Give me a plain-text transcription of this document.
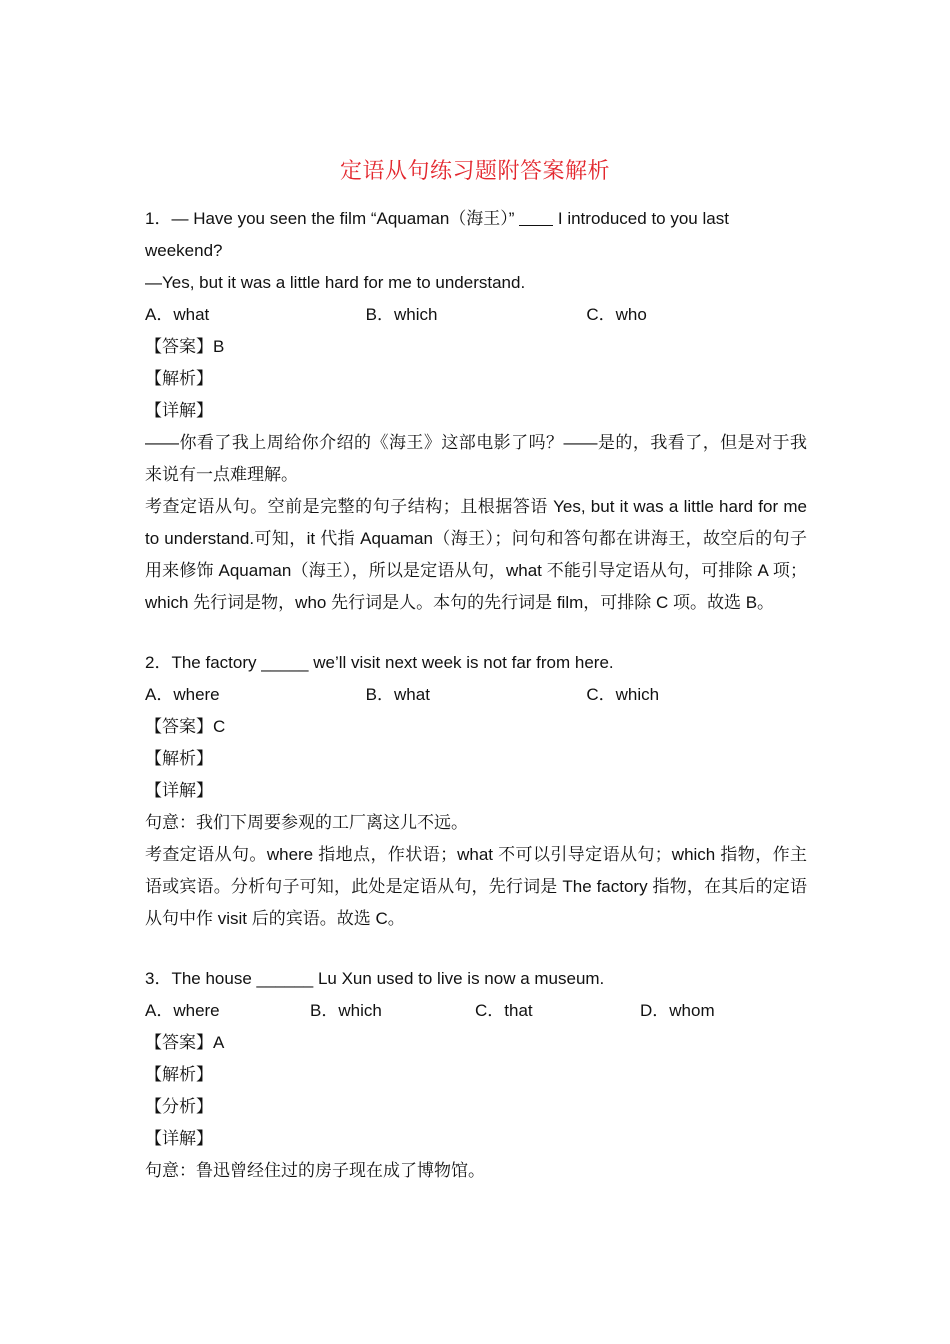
定语从句练习题附答案解析
1．— Have you seen the film “Aquaman（海王）”  I introduced to you last
weekend?
—Yes, but it was a little hard for me to understand.
A．what	B．which	C．who
【答案】B
【解析】
【详解】
——你看了我上周给你介绍的《海王》这部电影了吗？——是的，我看了，但是对于我来说有一点难理解。
考查定语从句。空前是完整的句子结构；且根据答语 Yes, but it was a little hard for me to understand.可知，it 代指 Aquaman（海王）；问句和答句都在讲海王，故空后的句子用来修饰 Aquaman（海王），所以是定语从句，what 不能引导定语从句，可排除 A 项；which 先行词是物，who 先行词是人。本句的先行词是 film，可排除 C 项。故选 B。
2．The factory _____ we’ll visit next week is not far from here.
A．where	B．what	C．which
【答案】C
【解析】
【详解】
句意：我们下周要参观的工厂离这儿不远。
考查定语从句。where 指地点，作状语；what 不可以引导定语从句；which 指物，作主语或宾语。分析句子可知，此处是定语从句，先行词是 The factory 指物，在其后的定语从句中作 visit 后的宾语。故选 C。
3．The house ______ Lu Xun used to live is now a museum.
A．where	B．which	C．that	D．whom
【答案】A
【解析】
【分析】
【详解】
句意：鲁迅曾经住过的房子现在成了博物馆。
